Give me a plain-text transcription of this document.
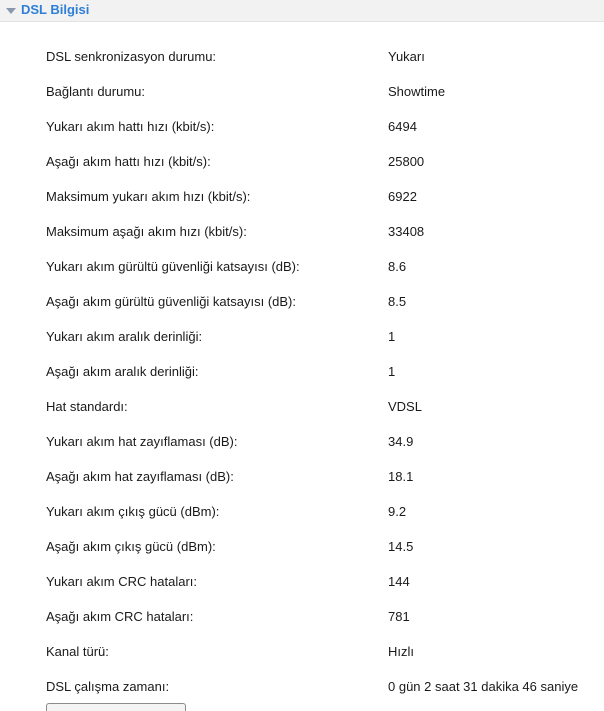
DSL Bilgisi
DSL senkronizasyon durumu:	Yukarı
Bağlantı durumu:	Showtime
Yukarı akım hattı hızı (kbit/s):	6494
Aşağı akım hattı hızı (kbit/s):	25800
Maksimum yukarı akım hızı (kbit/s):	6922
Maksimum aşağı akım hızı (kbit/s):	33408
Yukarı akım gürültü güvenliği katsayısı (dB):	8.6
Aşağı akım gürültü güvenliği katsayısı (dB):	8.5
Yukarı akım aralık derinliği:	1
Aşağı akım aralık derinliği:	1
Hat standardı:	VDSL
Yukarı akım hat zayıflaması (dB):	34.9
Aşağı akım hat zayıflaması (dB):	18.1
Yukarı akım çıkış gücü (dBm):	9.2
Aşağı akım çıkış gücü (dBm):	14.5
Yukarı akım CRC hataları:	144
Aşağı akım CRC hataları:	781
Kanal türü:	Hızlı
DSL çalışma zamanı:	0 gün 2 saat 31 dakika 46 saniye
